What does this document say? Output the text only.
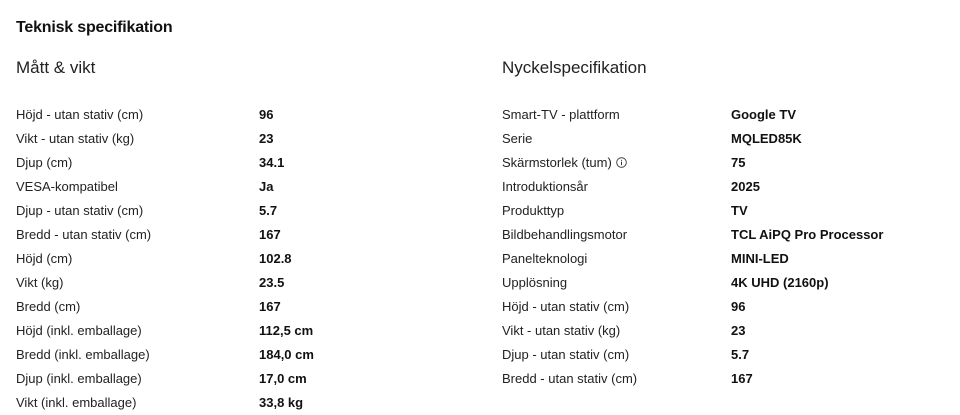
Teknisk specifikation
Mått & vikt
Höjd - utan stativ (cm)	96
Vikt - utan stativ (kg)	23
Djup (cm)	34.1
VESA-kompatibel	Ja
Djup - utan stativ (cm)	5.7
Bredd - utan stativ (cm)	167
Höjd (cm)	102.8
Vikt (kg)	23.5
Bredd (cm)	167
Höjd (inkl. emballage)	112,5 cm
Bredd (inkl. emballage)	184,0 cm
Djup (inkl. emballage)	17,0 cm
Vikt (inkl. emballage)	33,8 kg
Nyckelspecifikation
Smart-TV - plattform	Google TV
Serie	MQLED85K
Skärmstorlek (tum)	75
Introduktionsår	2025
Produkttyp	TV
Bildbehandlingsmotor	TCL AiPQ Pro Processor
Panelteknologi	MINI-LED
Upplösning	4K UHD (2160p)
Höjd - utan stativ (cm)	96
Vikt - utan stativ (kg)	23
Djup - utan stativ (cm)	5.7
Bredd - utan stativ (cm)	167
